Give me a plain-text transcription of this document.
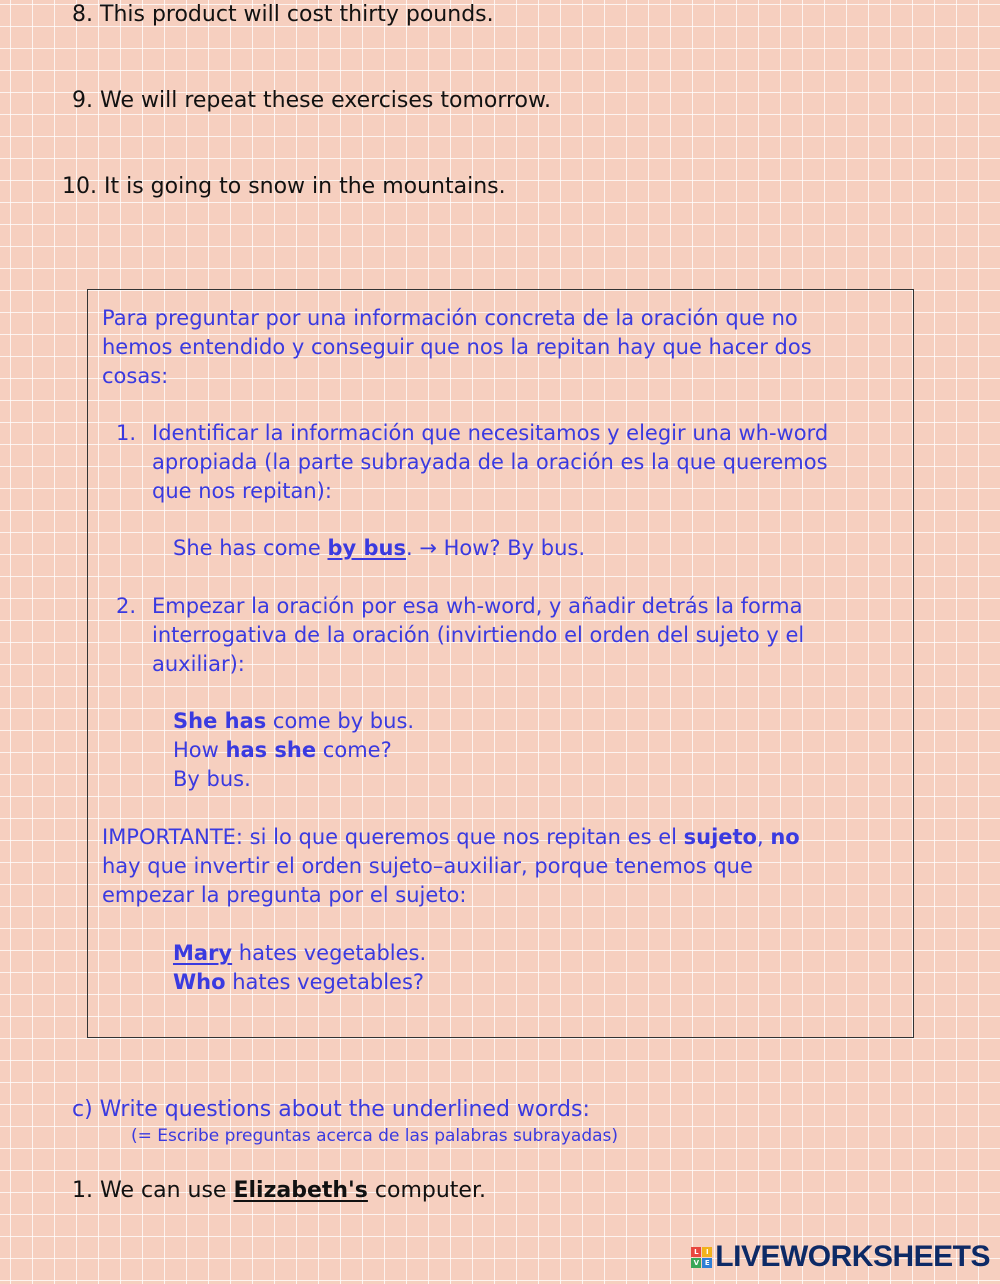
8. This product will cost thirty pounds.
9. We will repeat these exercises tomorrow.
10. It is going to snow in the mountains.
Para preguntar por una información concreta de la oración que no hemos entendido y conseguir que nos la repitan hay que hacer dos cosas:
1. Identificar la información que necesitamos y elegir una wh-word apropiada (la parte subrayada de la oración es la que queremos que nos repitan):
She has come by bus. → How? By bus.
2. Empezar la oración por esa wh-word, y añadir detrás la forma interrogativa de la oración (invirtiendo el orden del sujeto y el auxiliar):
She has come by bus.
How has she come?
By bus.
IMPORTANTE: si lo que queremos que nos repitan es el sujeto, no hay que invertir el orden sujeto–auxiliar, porque tenemos que empezar la pregunta por el sujeto:
Mary hates vegetables.
Who hates vegetables?
c) Write questions about the underlined words:
(= Escribe preguntas acerca de las palabras subrayadas)
1. We can use Elizabeth's computer.
L	I
V E LIVEWORKSHEETS
